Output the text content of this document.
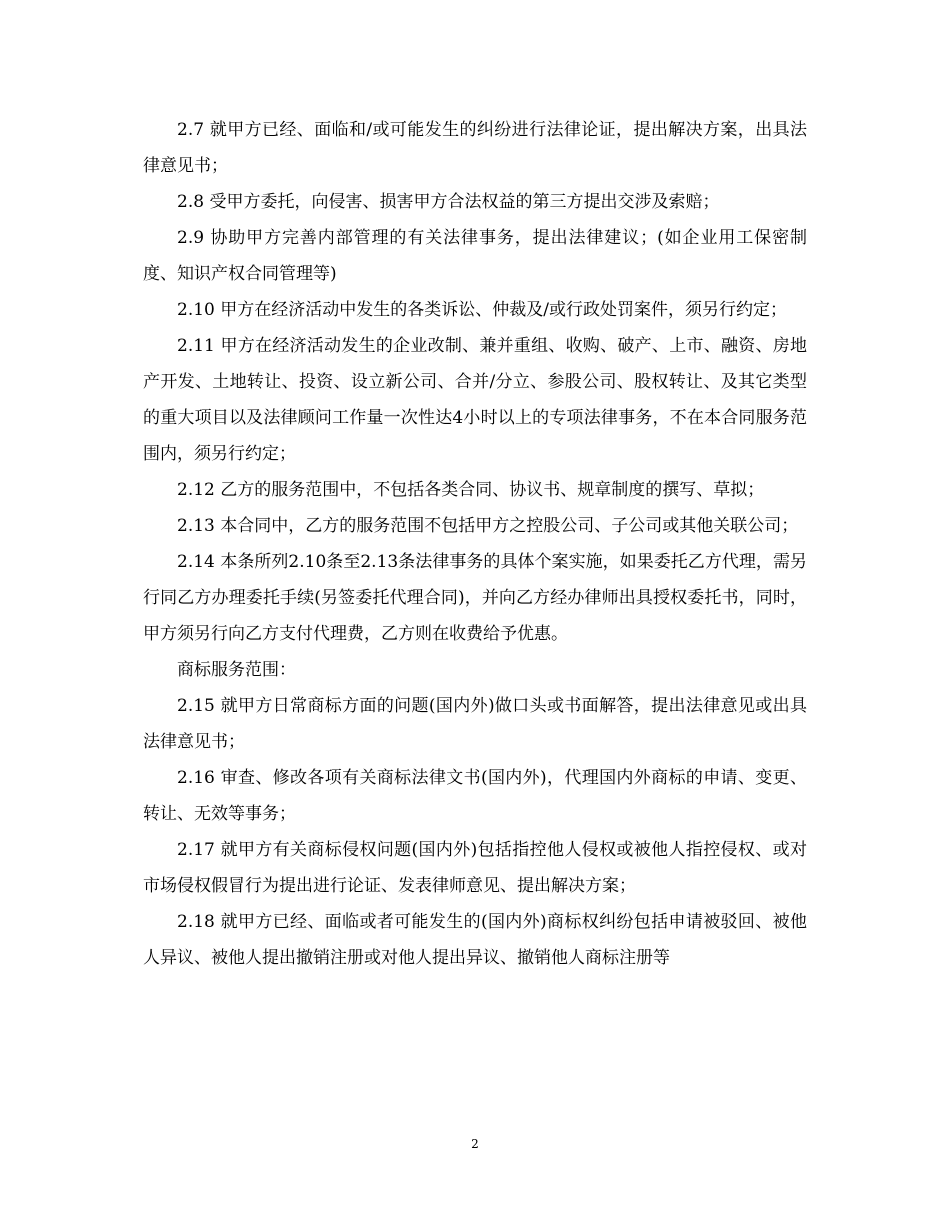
2.7 就甲方已经、面临和/或可能发生的纠纷进行法律论证，提出解决方案，出具法律意见书；

2.8 受甲方委托，向侵害、损害甲方合法权益的第三方提出交涉及索赔；

2.9 协助甲方完善内部管理的有关法律事务，提出法律建议；(如企业用工保密制度、知识产权合同管理等)

2.10 甲方在经济活动中发生的各类诉讼、仲裁及/或行政处罚案件，须另行约定；

2.11 甲方在经济活动发生的企业改制、兼并重组、收购、破产、上市、融资、房地产开发、土地转让、投资、设立新公司、合并/分立、参股公司、股权转让、及其它类型的重大项目以及法律顾问工作量一次性达4小时以上的专项法律事务，不在本合同服务范围内，须另行约定；

2.12 乙方的服务范围中，不包括各类合同、协议书、规章制度的撰写、草拟；

2.13 本合同中，乙方的服务范围不包括甲方之控股公司、子公司或其他关联公司；

2.14 本条所列2.10条至2.13条法律事务的具体个案实施，如果委托乙方代理，需另行同乙方办理委托手续(另签委托代理合同)，并向乙方经办律师出具授权委托书，同时，甲方须另行向乙方支付代理费，乙方则在收费给予优惠。

商标服务范围：

2.15 就甲方日常商标方面的问题(国内外)做口头或书面解答，提出法律意见或出具法律意见书；

2.16 审查、修改各项有关商标法律文书(国内外)，代理国内外商标的申请、变更、转让、无效等事务；

2.17 就甲方有关商标侵权问题(国内外)包括指控他人侵权或被他人指控侵权、或对市场侵权假冒行为提出进行论证、发表律师意见、提出解决方案；

2.18 就甲方已经、面临或者可能发生的(国内外)商标权纠纷包括申请被驳回、被他人异议、被他人提出撤销注册或对他人提出异议、撤销他人商标注册等

2
